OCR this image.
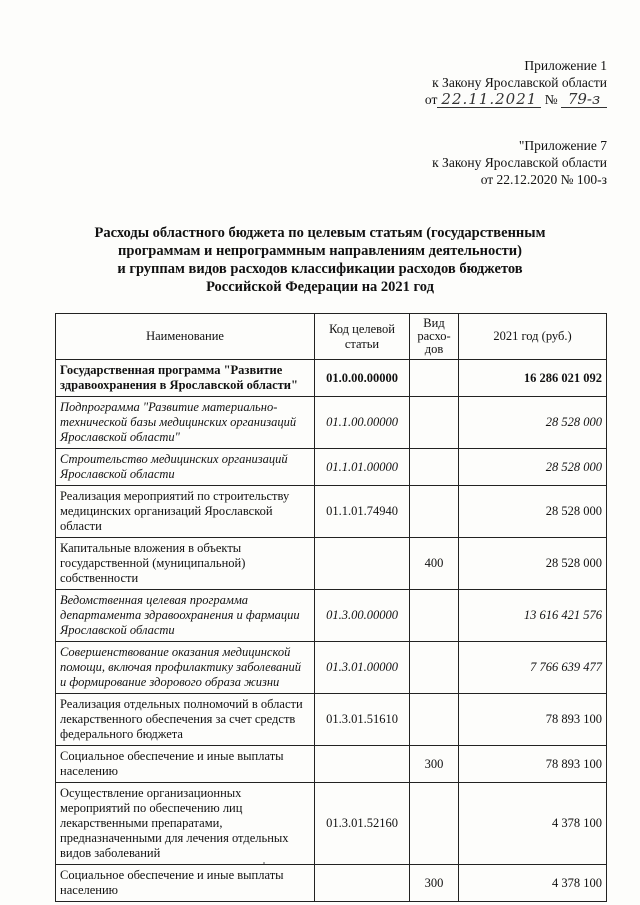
Приложение 1
к Закону Ярославской области
от 22.11.2021 № 79-з
"Приложение 7
к Закону Ярославской области
от 22.12.2020 № 100-з
Расходы областного бюджета по целевым статьям (государственным
программам и непрограммным направлениям деятельности)
и группам видов расходов классификации расходов бюджетов
Российской Федерации на 2021 год
Наименование	Код целевой статьи	Вид расхо-дов	2021 год (руб.)
Государственная программа "Развитие здравоохранения в Ярославской области"	01.0.00.00000		16 286 021 092
Подпрограмма "Развитие материально-технической базы медицинских организаций Ярославской области"	01.1.00.00000		28 528 000
Строительство медицинских организаций Ярославской области	01.1.01.00000		28 528 000
Реализация мероприятий по строительству медицинских организаций Ярославской области	01.1.01.74940		28 528 000
Капитальные вложения в объекты государственной (муниципальной) собственности		400	28 528 000
Ведомственная целевая программа департамента здравоохранения и фармации Ярославской области	01.3.00.00000		13 616 421 576
Совершенствование оказания медицинской помощи, включая профилактику заболеваний и формирование здорового образа жизни	01.3.01.00000		7 766 639 477
Реализация отдельных полномочий в области лекарственного обеспечения за счет средств федерального бюджета	01.3.01.51610		78 893 100
Социальное обеспечение и иные выплаты населению		300	78 893 100
Осуществление организационных мероприятий по обеспечению лиц лекарственными препаратами, предназначенными для лечения отдельных видов заболеваний	01.3.01.52160		4 378 100
Социальное обеспечение и иные выплаты населению		300	4 378 100
